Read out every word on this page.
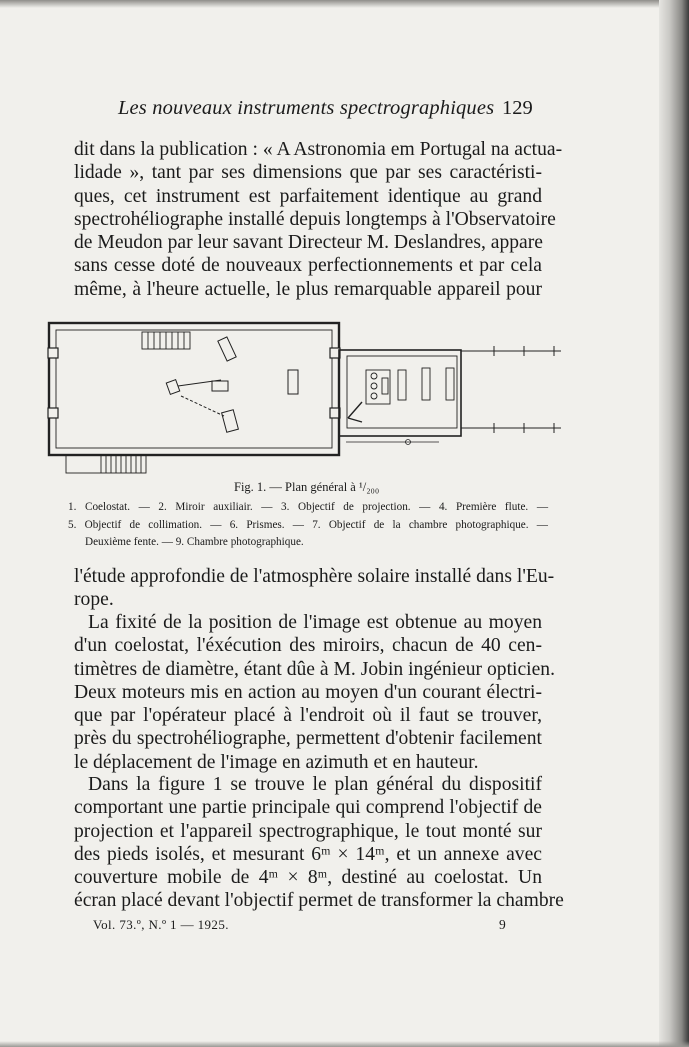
Les nouveaux instruments spectrographiques 129
dit dans la publication : « A Astronomia em Portugal na actua-
lidade », tant par ses dimensions que par ses caractéristi-
ques, cet instrument est parfaitement identique au grand
spectrohéliographe installé depuis longtemps à l'Observatoire
de Meudon par leur savant Directeur M. Deslandres, appare
sans cesse doté de nouveaux perfectionnements et par cela
même, à l'heure actuelle, le plus remarquable appareil pour
Fig. 1. — Plan général à ¹/₂₀₀
1. Coelostat. — 2. Miroir auxiliair. — 3. Objectif de projection. — 4. Première flute. —
5. Objectif de collimation. — 6. Prismes. — 7. Objectif de la chambre photographique. —
Deuxième fente. — 9. Chambre photographique.
l'étude approfondie de l'atmosphère solaire installé dans l'Eu-
rope.
La fixité de la position de l'image est obtenue au moyen
d'un coelostat, l'éxécution des miroirs, chacun de 40 cen-
timètres de diamètre, étant dûe à M. Jobin ingénieur opticien.
Deux moteurs mis en action au moyen d'un courant électri-
que par l'opérateur placé à l'endroit où il faut se trouver,
près du spectrohéliographe, permettent d'obtenir facilement
le déplacement de l'image en azimuth et en hauteur.
Dans la figure 1 se trouve le plan général du dispositif
comportant une partie principale qui comprend l'objectif de
projection et l'appareil spectrographique, le tout monté sur
des pieds isolés, et mesurant 6ᵐ × 14ᵐ, et un annexe avec
couverture mobile de 4ᵐ × 8ᵐ, destiné au coelostat. Un
écran placé devant l'objectif permet de transformer la chambre
Vol. 73.º, N.º 1 — 1925.	9
